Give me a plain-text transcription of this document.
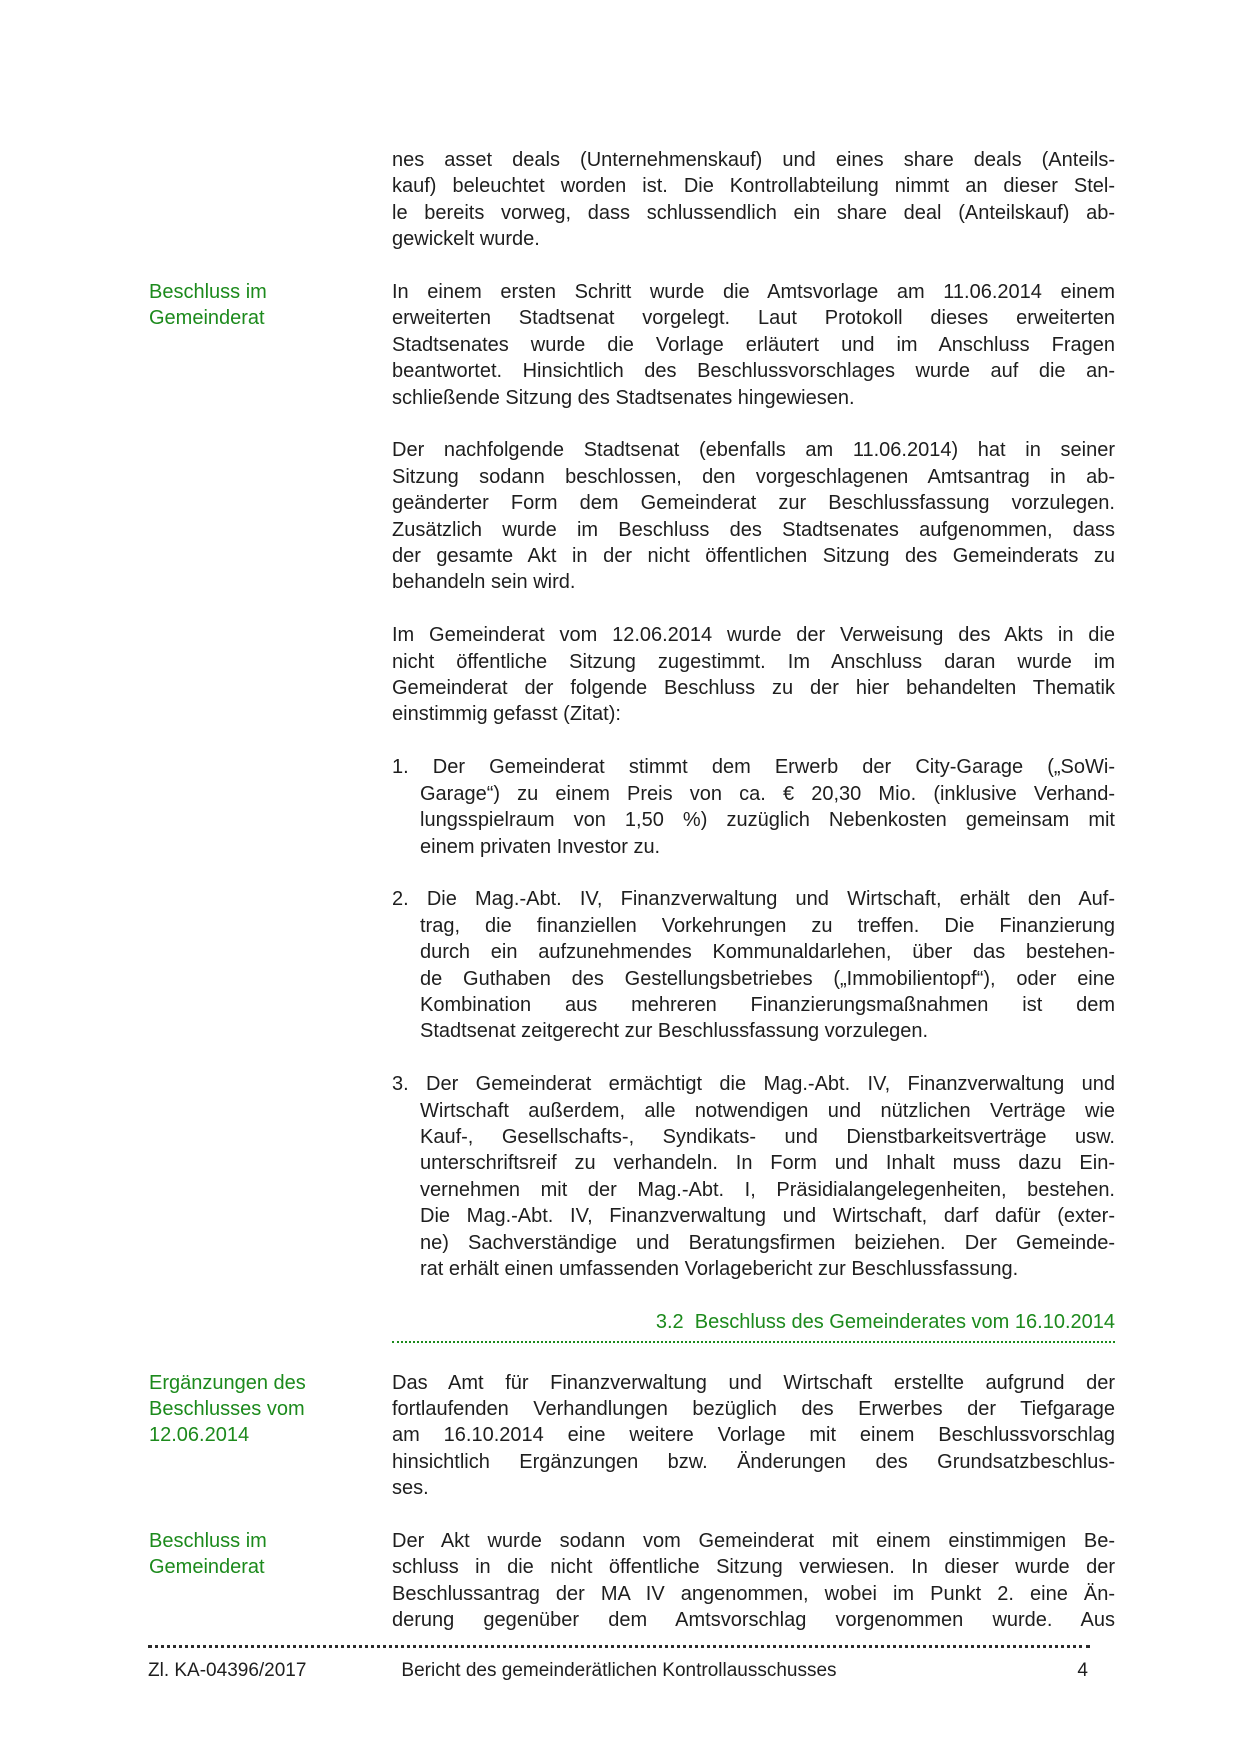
nes asset deals (Unternehmenskauf) und eines share deals (Anteils-
kauf) beleuchtet worden ist. Die Kontrollabteilung nimmt an dieser Stel-
le bereits vorweg, dass schlussendlich ein share deal (Anteilskauf) ab-
gewickelt wurde.
Beschluss im
Gemeinderat
In einem ersten Schritt wurde die Amtsvorlage am 11.06.2014 einem
erweiterten Stadtsenat vorgelegt. Laut Protokoll dieses erweiterten
Stadtsenates wurde die Vorlage erläutert und im Anschluss Fragen
beantwortet. Hinsichtlich des Beschlussvorschlages wurde auf die an-
schließende Sitzung des Stadtsenates hingewiesen.
Der nachfolgende Stadtsenat (ebenfalls am 11.06.2014) hat in seiner
Sitzung sodann beschlossen, den vorgeschlagenen Amtsantrag in ab-
geänderter Form dem Gemeinderat zur Beschlussfassung vorzulegen.
Zusätzlich wurde im Beschluss des Stadtsenates aufgenommen, dass
der gesamte Akt in der nicht öffentlichen Sitzung des Gemeinderats zu
behandeln sein wird.
Im Gemeinderat vom 12.06.2014 wurde der Verweisung des Akts in die
nicht öffentliche Sitzung zugestimmt. Im Anschluss daran wurde im
Gemeinderat der folgende Beschluss zu der hier behandelten Thematik
einstimmig gefasst (Zitat):
1. Der Gemeinderat stimmt dem Erwerb der City-Garage („SoWi-
Garage“) zu einem Preis von ca. € 20,30 Mio. (inklusive Verhand-
lungsspielraum von 1,50 %) zuzüglich Nebenkosten gemeinsam mit
einem privaten Investor zu.
2. Die Mag.-Abt. IV, Finanzverwaltung und Wirtschaft, erhält den Auf-
trag, die finanziellen Vorkehrungen zu treffen. Die Finanzierung
durch ein aufzunehmendes Kommunaldarlehen, über das bestehen-
de Guthaben des Gestellungsbetriebes („Immobilientopf“), oder eine
Kombination aus mehreren Finanzierungsmaßnahmen ist dem
Stadtsenat zeitgerecht zur Beschlussfassung vorzulegen.
3. Der Gemeinderat ermächtigt die Mag.-Abt. IV, Finanzverwaltung und
Wirtschaft außerdem, alle notwendigen und nützlichen Verträge wie
Kauf-, Gesellschafts-, Syndikats- und Dienstbarkeitsverträge usw.
unterschriftsreif zu verhandeln. In Form und Inhalt muss dazu Ein-
vernehmen mit der Mag.-Abt. I, Präsidialangelegenheiten, bestehen.
Die Mag.-Abt. IV, Finanzverwaltung und Wirtschaft, darf dafür (exter-
ne) Sachverständige und Beratungsfirmen beiziehen. Der Gemeinde-
rat erhält einen umfassenden Vorlagebericht zur Beschlussfassung.
3.2  Beschluss des Gemeinderates vom 16.10.2014
Ergänzungen des
Beschlusses vom
12.06.2014
Das Amt für Finanzverwaltung und Wirtschaft erstellte aufgrund der
fortlaufenden Verhandlungen bezüglich des Erwerbes der Tiefgarage
am 16.10.2014 eine weitere Vorlage mit einem Beschlussvorschlag
hinsichtlich Ergänzungen bzw. Änderungen des Grundsatzbeschlus-
ses.
Beschluss im
Gemeinderat
Der Akt wurde sodann vom Gemeinderat mit einem einstimmigen Be-
schluss in die nicht öffentliche Sitzung verwiesen. In dieser wurde der
Beschlussantrag der MA IV angenommen, wobei im Punkt 2. eine Än-
derung gegenüber dem Amtsvorschlag vorgenommen wurde. Aus
Zl. KA-04396/2017	Bericht des gemeinderätlichen Kontrollausschusses	4
